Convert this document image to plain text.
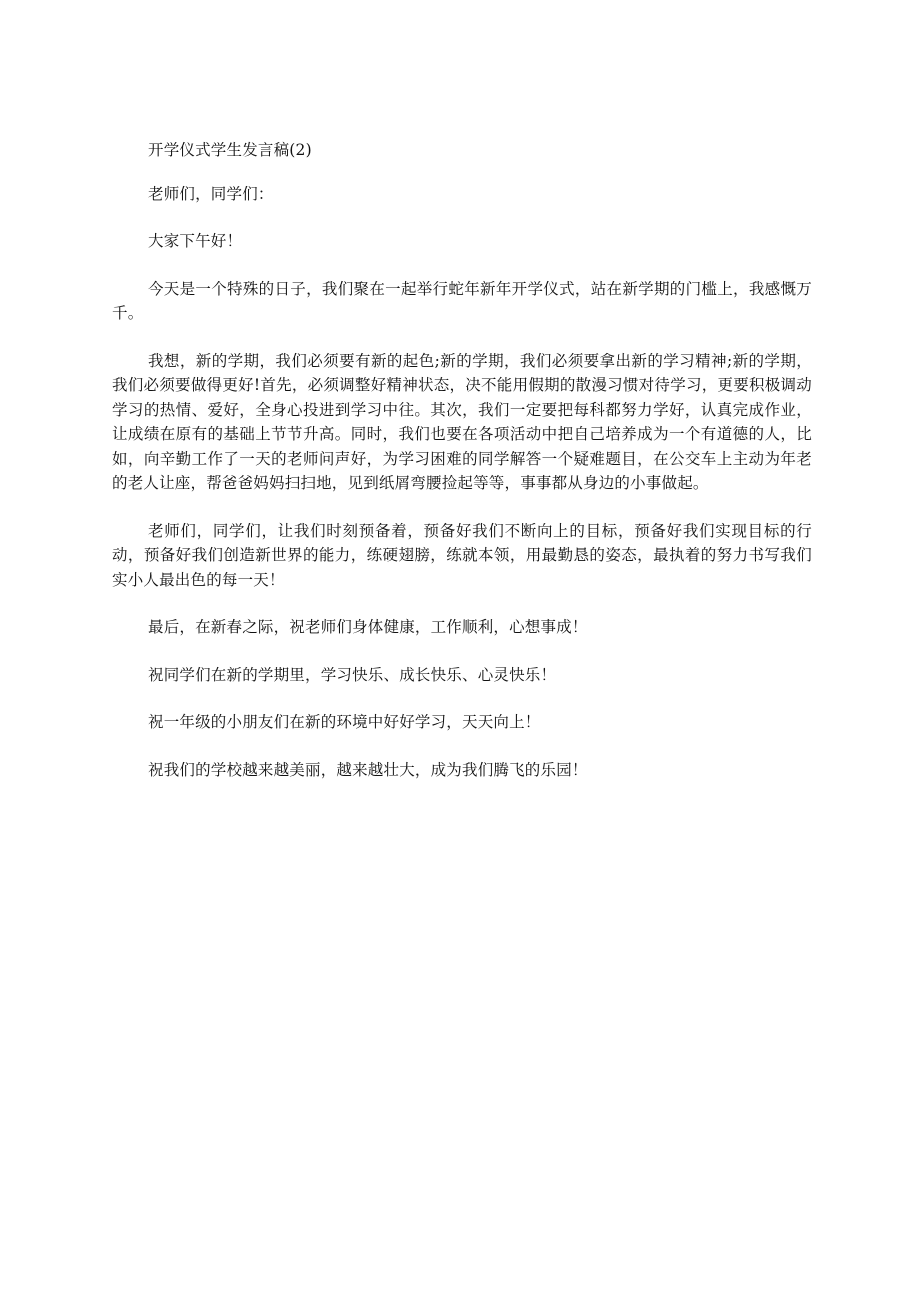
开学仪式学生发言稿(2)

老师们，同学们：

大家下午好！

今天是一个特殊的日子，我们聚在一起举行蛇年新年开学仪式，站在新学期的门槛上，我感慨万千。

我想，新的学期，我们必须要有新的起色;新的学期，我们必须要拿出新的学习精神;新的学期，我们必须要做得更好!首先，必须调整好精神状态，决不能用假期的散漫习惯对待学习，更要积极调动学习的热情、爱好，全身心投进到学习中往。其次，我们一定要把每科都努力学好，认真完成作业，让成绩在原有的基础上节节升高。同时，我们也要在各项活动中把自己培养成为一个有道德的人，比如，向辛勤工作了一天的老师问声好，为学习困难的同学解答一个疑难题目，在公交车上主动为年老的老人让座，帮爸爸妈妈扫扫地，见到纸屑弯腰捡起等等，事事都从身边的小事做起。

老师们，同学们，让我们时刻预备着，预备好我们不断向上的目标，预备好我们实现目标的行动，预备好我们创造新世界的能力，练硬翅膀，练就本领，用最勤恳的姿态，最执着的努力书写我们实小人最出色的每一天！

最后，在新春之际，祝老师们身体健康，工作顺利，心想事成！

祝同学们在新的学期里，学习快乐、成长快乐、心灵快乐！

祝一年级的小朋友们在新的环境中好好学习，天天向上！

祝我们的学校越来越美丽，越来越壮大，成为我们腾飞的乐园！
